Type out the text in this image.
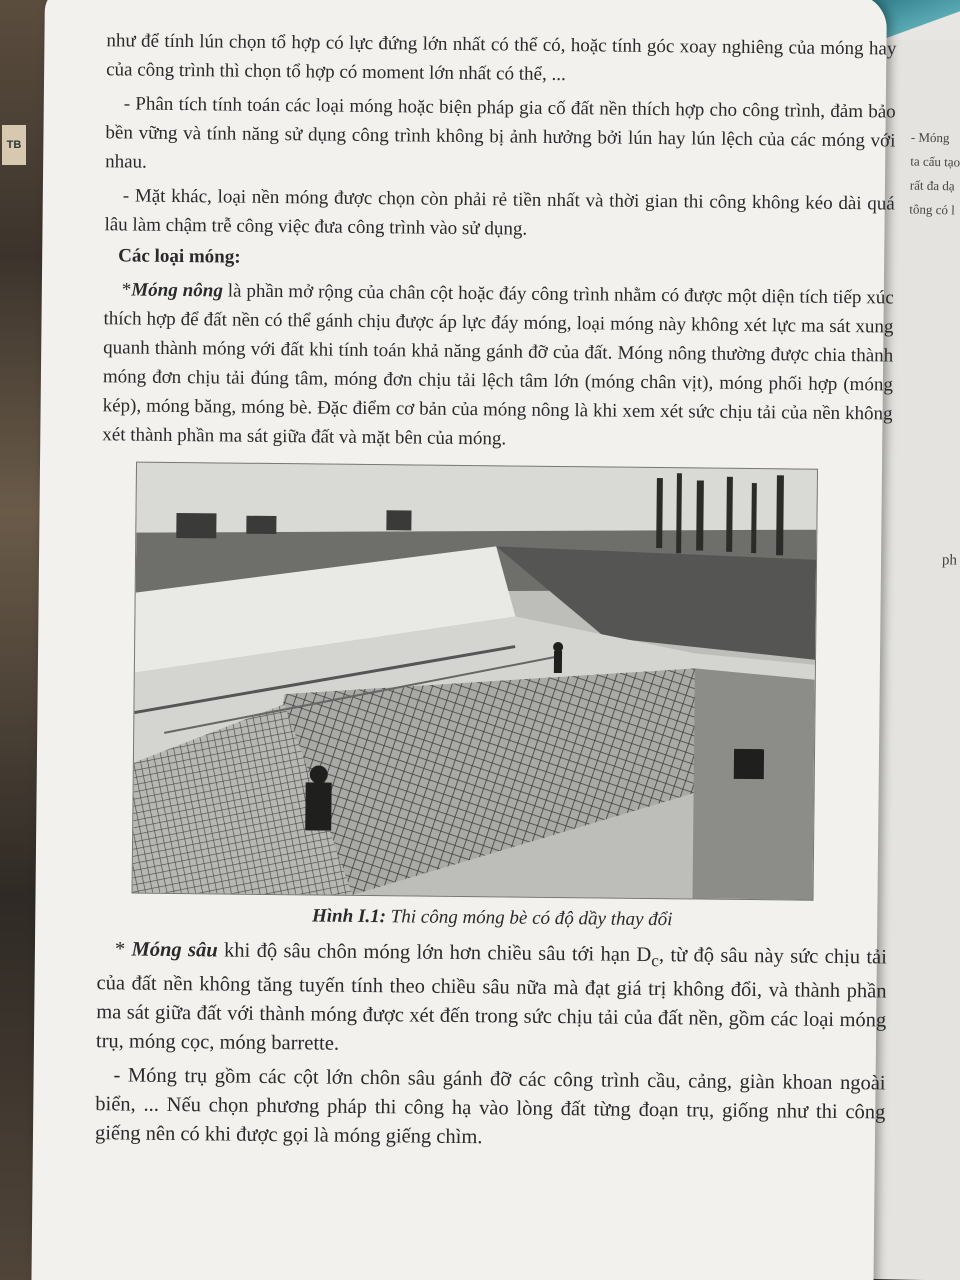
TB	- Móng
ta cấu tạo
rất đa dạ
tông có l
ph

như để tính lún chọn tổ hợp có lực đứng lớn nhất có thể có, hoặc tính góc xoay nghiêng của móng hay của công trình thì chọn tổ hợp có moment lớn nhất có thể, ...

- Phân tích tính toán các loại móng hoặc biện pháp gia cố đất nền thích hợp cho công trình, đảm bảo bền vững và tính năng sử dụng công trình không bị ảnh hưởng bởi lún hay lún lệch của các móng với nhau.

- Mặt khác, loại nền móng được chọn còn phải rẻ tiền nhất và thời gian thi công không kéo dài quá lâu làm chậm trễ công việc đưa công trình vào sử dụng.

Các loại móng:

*Móng nông là phần mở rộng của chân cột hoặc đáy công trình nhằm có được một diện tích tiếp xúc thích hợp để đất nền có thể gánh chịu được áp lực đáy móng, loại móng này không xét lực ma sát xung quanh thành móng với đất khi tính toán khả năng gánh đỡ của đất. Móng nông thường được chia thành móng đơn chịu tải đúng tâm, móng đơn chịu tải lệch tâm lớn (móng chân vịt), móng phối hợp (móng kép), móng băng, móng bè. Đặc điểm cơ bản của móng nông là khi xem xét sức chịu tải của nền không xét thành phần ma sát giữa đất và mặt bên của móng.

Hình I.1: Thi công móng bè có độ dầy thay đổi

* Móng sâu khi độ sâu chôn móng lớn hơn chiều sâu tới hạn $D_c$, từ độ sâu này sức chịu tải của đất nền không tăng tuyến tính theo chiều sâu nữa mà đạt giá trị không đổi, và thành phần ma sát giữa đất với thành móng được xét đến trong sức chịu tải của đất nền, gồm các loại móng trụ, móng cọc, móng barrette.

- Móng trụ gồm các cột lớn chôn sâu gánh đỡ các công trình cầu, cảng, giàn khoan ngoài biển, ... Nếu chọn phương pháp thi công hạ vào lòng đất từng đoạn trụ, giống như thi công giếng nên có khi được gọi là móng giếng chìm.
